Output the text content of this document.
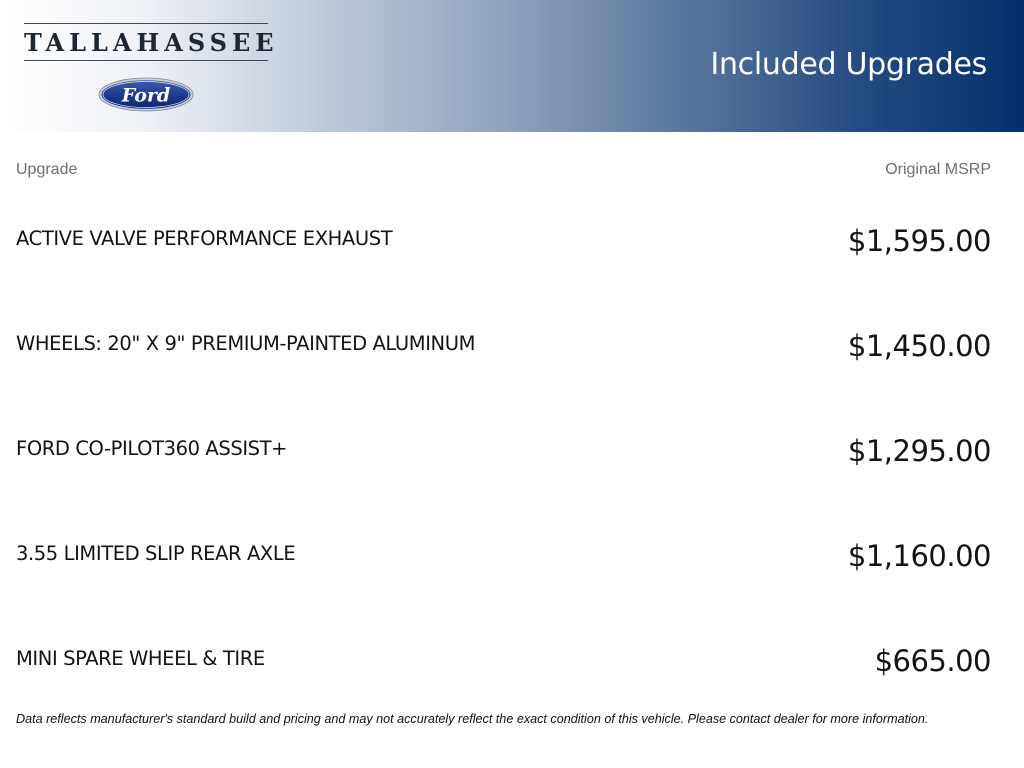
TALLAHASSEE
Ford
Included Upgrades
Upgrade	Original MSRP
ACTIVE VALVE PERFORMANCE EXHAUST	$1,595.00
WHEELS: 20" X 9" PREMIUM-PAINTED ALUMINUM	$1,450.00
FORD CO-PILOT360 ASSIST+	$1,295.00
3.55 LIMITED SLIP REAR AXLE	$1,160.00
MINI SPARE WHEEL & TIRE	$665.00
Data reflects manufacturer's standard build and pricing and may not accurately reflect the exact condition of this vehicle. Please contact dealer for more information.
